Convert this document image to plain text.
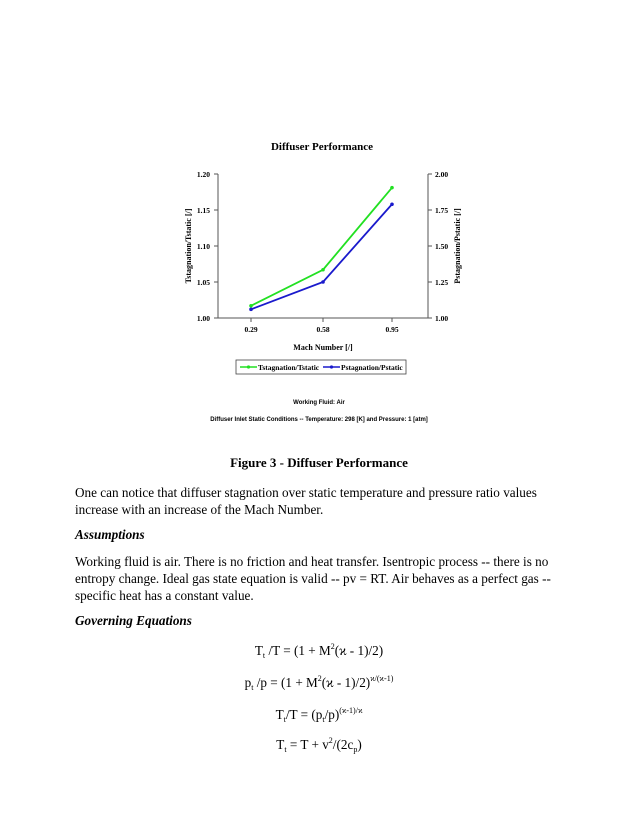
Diffuser Performance
1.00
1.05
1.10
1.15
1.20
1.00
1.25
1.50
1.75
2.00
0.29	0.58	0.95
Mach Number [/]
Tstagnation/Tstatic [/]	Pstagnation/Pstatic [/]
Tstagnation/Tstatic	Pstagnation/Pstatic
Working Fluid: Air
Diffuser Inlet Static Conditions -- Temperature: 298 [K] and Pressure: 1 [atm]
Figure 3 - Diffuser Performance

One can notice that diffuser stagnation over static temperature and pressure ratio values increase with an increase of the Mach Number.

Assumptions

Working fluid is air. There is no friction and heat transfer. Isentropic process -- there is no entropy change. Ideal gas state equation is valid -- pv = RT. Air behaves as a perfect gas -- specific heat has a constant value.

Governing Equations

$T_t$ $/T = (1 + M^2(ϰ - 1)/2)$
$p_t$ $/p = (1 + M^2(ϰ - 1)/2)^{ϰ/(ϰ-1)}$
$T_t/T = (p_t/p)^{(ϰ-1)/ϰ}$
$T_t = T + v^2/(2c_p)$
